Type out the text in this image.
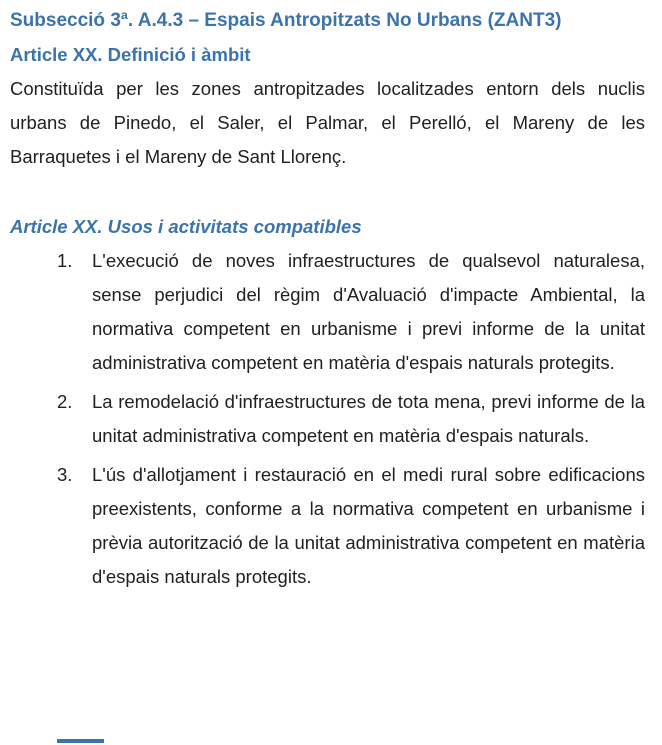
Subsecció 3ª. A.4.3 – Espais Antropitzats No Urbans (ZANT3)
Article XX. Definició i àmbit

Constituïda per les zones antropitzades localitzades entorn dels nuclis urbans de Pinedo, el Saler, el Palmar, el Perelló, el Mareny de les Barraquetes i el Mareny de Sant Llorenç.

Article XX. Usos i activitats compatibles
1. L'execució de noves infraestructures de qualsevol naturalesa, sense perjudici del règim d'Avaluació d'impacte Ambiental, la normativa competent en urbanisme i previ informe de la unitat administrativa competent en matèria d'espais naturals protegits.
2. La remodelació d'infraestructures de tota mena, previ informe de la unitat administrativa competent en matèria d'espais naturals.
3. L'ús d'allotjament i restauració en el medi rural sobre edificacions preexistents, conforme a la normativa competent en urbanisme i prèvia autorització de la unitat administrativa competent en matèria d'espais naturals protegits.
